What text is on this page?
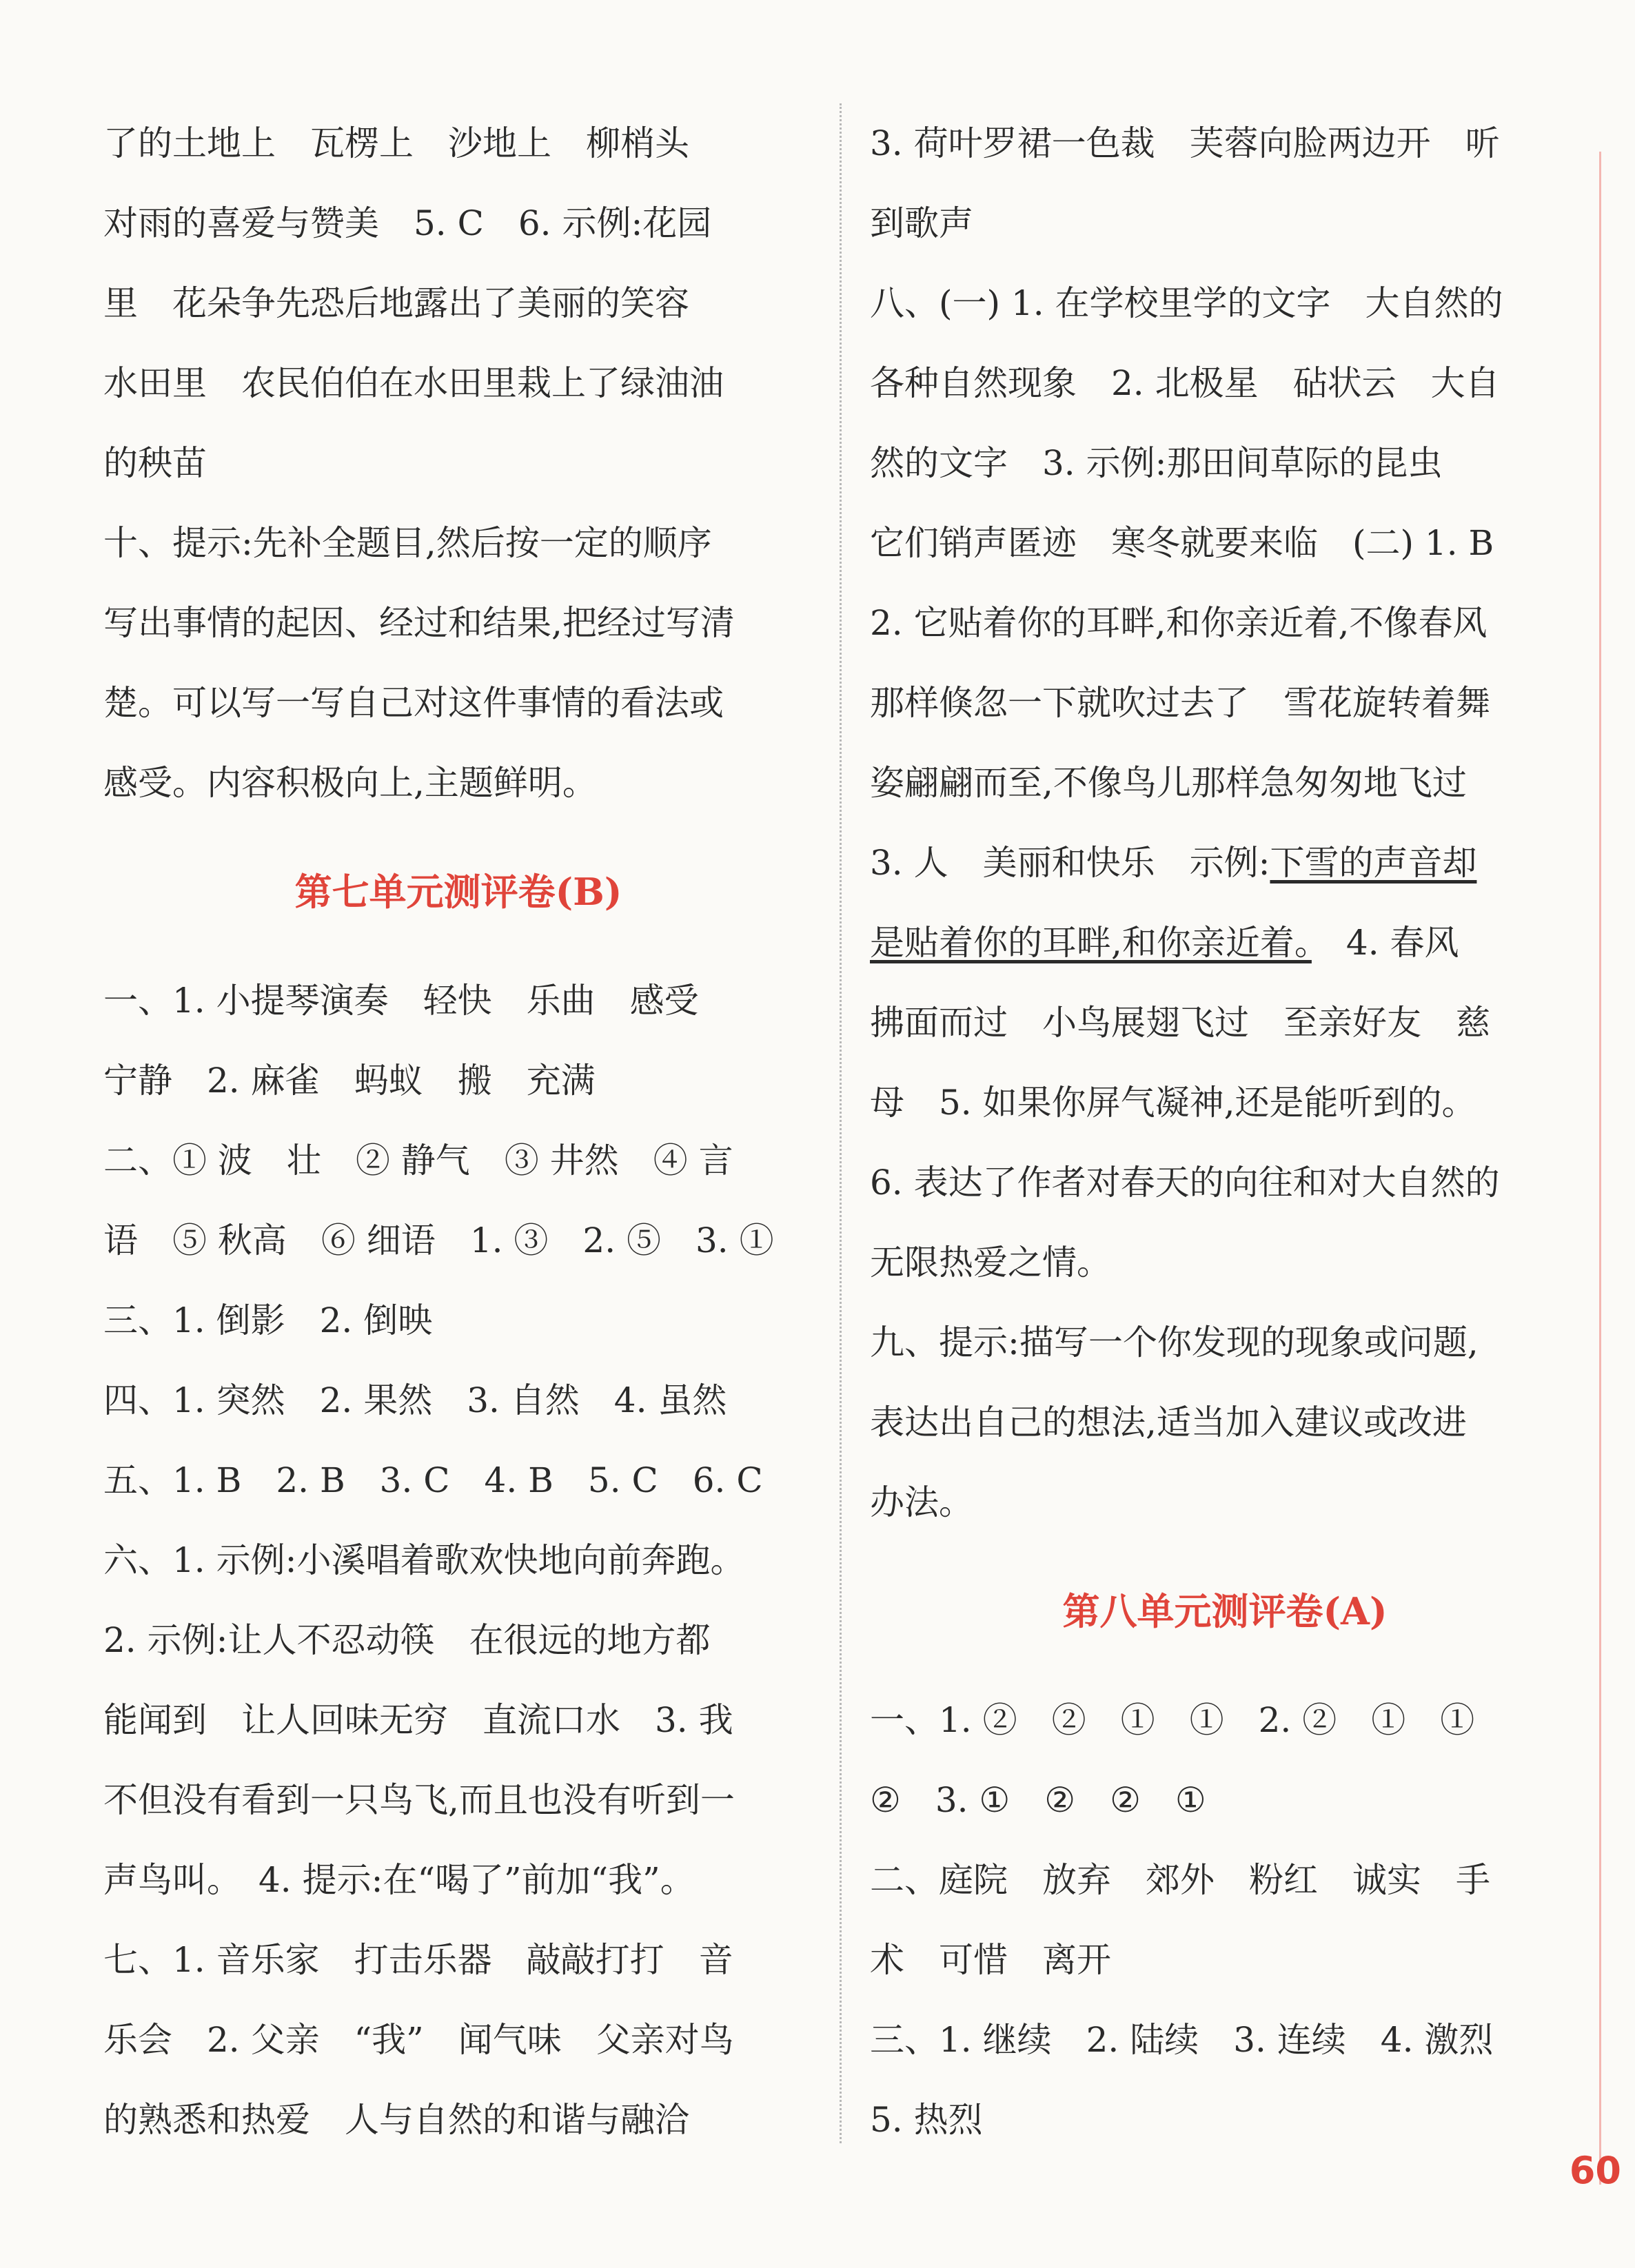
了的土地上　瓦楞上　沙地上　柳梢头
对雨的喜爱与赞美　5. C　6. 示例:花园
里　花朵争先恐后地露出了美丽的笑容
水田里　农民伯伯在水田里栽上了绿油油
的秧苗
十、提示:先补全题目,然后按一定的顺序
写出事情的起因、经过和结果,把经过写清
楚。可以写一写自己对这件事情的看法或
感受。内容积极向上,主题鲜明。
第七单元测评卷(B)
一、1. 小提琴演奏　轻快　乐曲　感受
宁静　2. 麻雀　蚂蚁　搬　充满
二、① 波　壮　② 静气　③ 井然　④ 言
语　⑤ 秋高　⑥ 细语　1. ③　2. ⑤　3. ①
三、1. 倒影　2. 倒映
四、1. 突然　2. 果然　3. 自然　4. 虽然
五、1. B　2. B　3. C　4. B　5. C　6. C
六、1. 示例:小溪唱着歌欢快地向前奔跑。
2. 示例:让人不忍动筷　在很远的地方都
能闻到　让人回味无穷　直流口水　3. 我
不但没有看到一只鸟飞,而且也没有听到一
声鸟叫。　4. 提示:在“喝了”前加“我”。
七、1. 音乐家　打击乐器　敲敲打打　音
乐会　2. 父亲　“我”　闻气味　父亲对鸟
的熟悉和热爱　人与自然的和谐与融洽
3. 荷叶罗裙一色裁　芙蓉向脸两边开　听
到歌声
八、(一) 1. 在学校里学的文字　大自然的
各种自然现象　2. 北极星　砧状云　大自
然的文字　3. 示例:那田间草际的昆虫
它们销声匿迹　寒冬就要来临　(二) 1. B
2. 它贴着你的耳畔,和你亲近着,不像春风
那样倏忽一下就吹过去了　雪花旋转着舞
姿翩翩而至,不像鸟儿那样急匆匆地飞过
3. 人　美丽和快乐　示例:下雪的声音却
是贴着你的耳畔,和你亲近着。　4. 春风
拂面而过　小鸟展翅飞过　至亲好友　慈
母　5. 如果你屏气凝神,还是能听到的。
6. 表达了作者对春天的向往和对大自然的
无限热爱之情。
九、提示:描写一个你发现的现象或问题,
表达出自己的想法,适当加入建议或改进
办法。
第八单元测评卷(A)
一、1. ②　②　①　①　2. ②　①　①
②　3. ①　②　②　①
二、庭院　放弃　郊外　粉红　诚实　手
术　可惜　离开
三、1. 继续　2. 陆续　3. 连续　4. 激烈
5. 热烈
60
